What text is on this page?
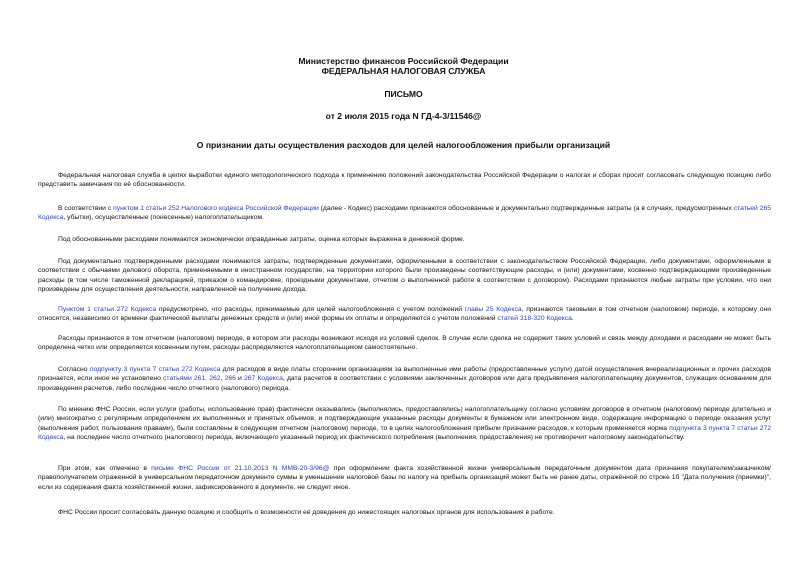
Министерство финансов Российской Федерации
ФЕДЕРАЛЬНАЯ НАЛОГОВАЯ СЛУЖБА
ПИСЬМО
от 2 июля 2015 года N ГД-4-3/11546@
О признании даты осуществления расходов для целей налогообложения прибыли организаций

Федеральная налоговая служба в целях выработки единого методологического подхода к применению положений законодательства Российской Федерации о налогах и сборах просит согласовать следующую позицию либо представить замечания по её обоснованности.

В соответствии с пунктом 1 статьи 252 Налогового кодекса Российской Федерации (далее - Кодекс) расходами признаются обоснованные и документально подтвержденные затраты (а в случаях, предусмотренных статьей 265 Кодекса, убытки), осуществленные (понесенные) налогоплательщиком.

Под обоснованными расходами понимаются экономически оправданные затраты, оценка которых выражена в денежной форме.

Под документально подтвержденными расходами понимаются затраты, подтвержденные документами, оформленными в соответствии с законодательством Российской Федерации, либо документами, оформленными в соответствии с обычаями делового оборота, применяемыми в иностранном государстве, на территории которого были произведены соответствующие расходы, и (или) документами, косвенно подтверждающими произведенные расходы (в том числе таможенной декларацией, приказом о командировке, проездными документами, отчетом о выполненной работе в соответствии с договором). Расходами признаются любые затраты при условии, что они произведены для осуществления деятельности, направленной на получение дохода.

Пунктом 1 статьи 272 Кодекса предусмотрено, что расходы, принимаемые для целей налогообложения с учетом положений главы 25 Кодекса, признаются таковыми в том отчетном (налоговом) периоде, к которому они относятся, независимо от времени фактической выплаты денежных средств и (или) иной формы их оплаты и определяются с учетом положений статей 318-320 Кодекса.

Расходы признаются в том отчетном (налоговом) периоде, в котором эти расходы возникают исходя из условий сделок. В случае если сделка не содержит таких условий и связь между доходами и расходами не может быть определена четко или определяется косвенным путем, расходы распределяются налогоплательщиком самостоятельно.

Согласно подпункту 3 пункта 7 статьи 272 Кодекса для расходов в виде платы сторонним организациям за выполненные ими работы (предоставленные услуги) датой осуществления внереализационных и прочих расходов признается, если иное не установлено статьями 261, 262, 266 и 267 Кодекса, дата расчетов в соответствии с условиями заключенных договоров или дата предъявления налогоплательщику документов, служащих основанием для произведения расчетов, либо последнее число отчетного (налогового) периода.

По мнению ФНС России, если услуги (работы, использование прав) фактически оказывались (выполнялись, предоставлялись) налогоплательщику согласно условиям договоров в отчетном (налоговом) периоде длительно и (или) многократно с регулярным определением их выполненных и принятых объемов, и подтверждающие указанные расходы документы в бумажном или электронном виде, содержащие информацию о периоде оказания услуг (выполнения работ, пользования правами), были составлены в следующем отчетном (налоговом) периоде, то в целях налогообложения прибыли признание расходов, к которым применяется норма подпункта 3 пункта 7 статьи 272 Кодекса, на последнее число отчетного (налогового) периода, включающего указанный период их фактического потребления (выполнения, предоставления) не противоречит налоговому законодательству.

При этом, как отмечено в письме ФНС России от 21.10.2013 N ММВ-20-3/96@ при оформлении факта хозяйственной жизни универсальным передаточным документом дата признания покупателем/заказчиком/правополучателем отраженной в универсальном передаточном документе суммы в уменьшение налоговой базы по налогу на прибыль организаций может быть не ранее даты, отражённой по строке 1б "Дата получения (приемки)", если из содержания факта хозяйственной жизни, зафиксированного в документе, не следует иное.

ФНС России просит согласовать данную позицию и сообщить о возможности её доведения до нижестоящих налоговых органов для использования в работе.
